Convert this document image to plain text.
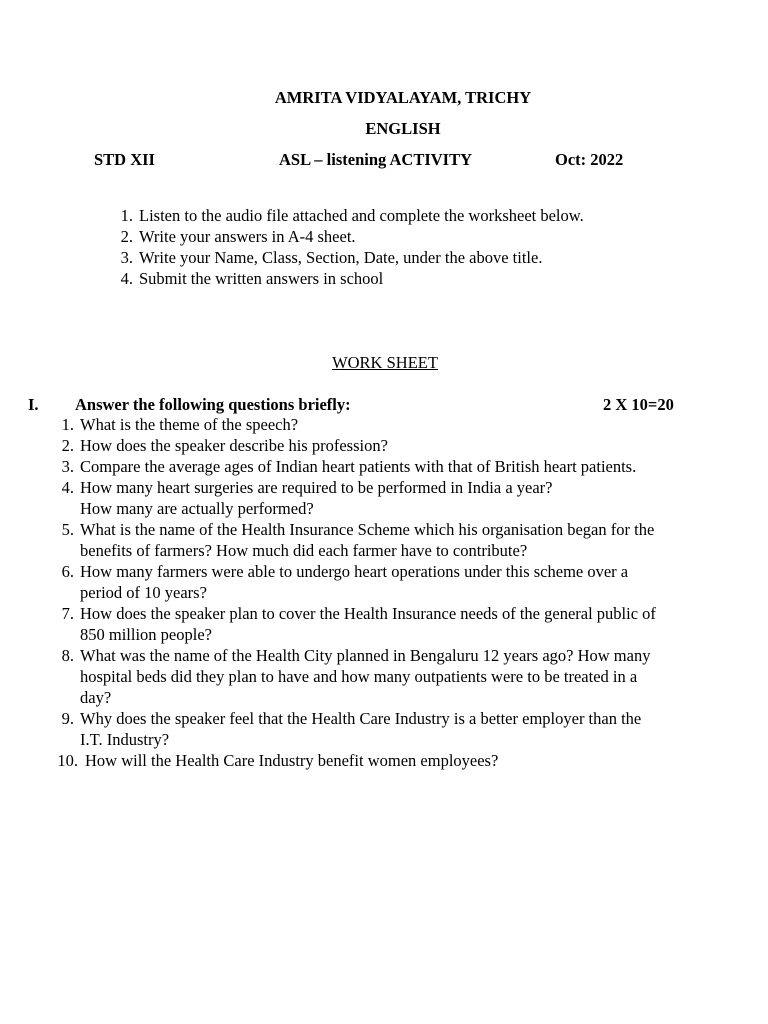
AMRITA VIDYALAYAM, TRICHY
ENGLISH
STD XII	ASL – listening ACTIVITY	Oct: 2022
1. Listen to the audio file attached and complete the worksheet below.
2. Write your answers in A-4 sheet.
3. Write your Name, Class, Section, Date, under the above title.
4. Submit the written answers in school
WORK SHEET
I. Answer the following questions briefly:	2 X 10=20
1. What is the theme of the speech?
2. How does the speaker describe his profession?
3. Compare the average ages of Indian heart patients with that of British heart patients.
4. How many heart surgeries are required to be performed in India a year?
How many are actually performed?
5. What is the name of the Health Insurance Scheme which his organisation began for the
benefits of farmers? How much did each farmer have to contribute?
6. How many farmers were able to undergo heart operations under this scheme over a
period of 10 years?
7. How does the speaker plan to cover the Health Insurance needs of the general public of
850 million people?
8. What was the name of the Health City planned in Bengaluru 12 years ago? How many
hospital beds did they plan to have and how many outpatients were to be treated in a
day?
9. Why does the speaker feel that the Health Care Industry is a better employer than the
I.T. Industry?
10. How will the Health Care Industry benefit women employees?
